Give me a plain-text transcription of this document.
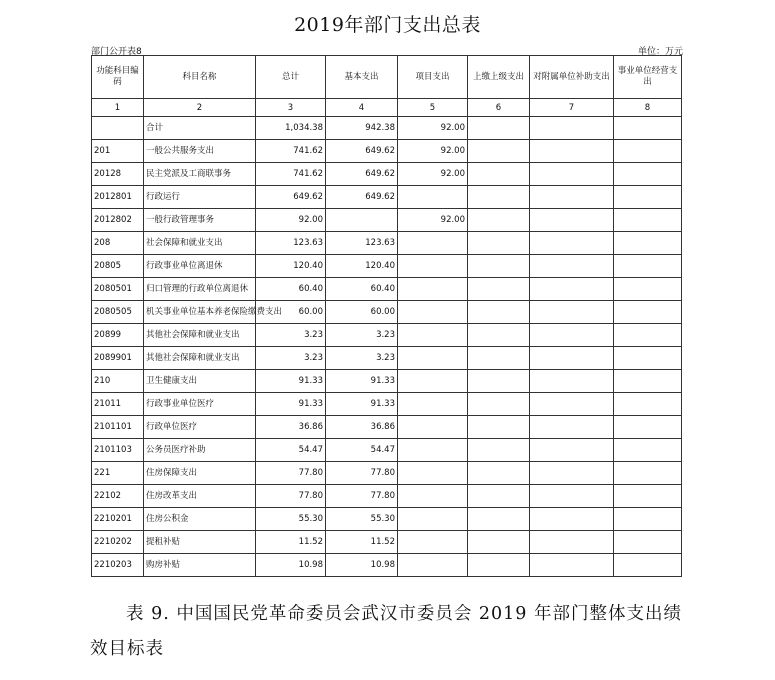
2019年部门支出总表
部门公开表8	单位：万元
功能科目编码	科目名称	总计	基本支出	项目支出	上缴上级支出	对附属单位补助支出	事业单位经营支出
1	2	3	4	5	6	7	8
	合计	1,034.38	942.38	92.00			
201	一般公共服务支出	741.62	649.62	92.00			
20128	民主党派及工商联事务	741.62	649.62	92.00			
2012801	行政运行	649.62	649.62				
2012802	一般行政管理事务	92.00		92.00			
208	社会保障和就业支出	123.63	123.63				
20805	行政事业单位离退休	120.40	120.40				
2080501	归口管理的行政单位离退休	60.40	60.40				
2080505	机关事业单位基本养老保险缴费支出	60.00	60.00				
20899	其他社会保障和就业支出	3.23	3.23				
2089901	其他社会保障和就业支出	3.23	3.23				
210	卫生健康支出	91.33	91.33				
21011	行政事业单位医疗	91.33	91.33				
2101101	行政单位医疗	36.86	36.86				
2101103	公务员医疗补助	54.47	54.47				
221	住房保障支出	77.80	77.80				
22102	住房改革支出	77.80	77.80				
2210201	住房公积金	55.30	55.30				
2210202	提租补贴	11.52	11.52				
2210203	购房补贴	10.98	10.98				
表 9. 中国国民党革命委员会武汉市委员会 2019 年部门整体支出绩效目标表
